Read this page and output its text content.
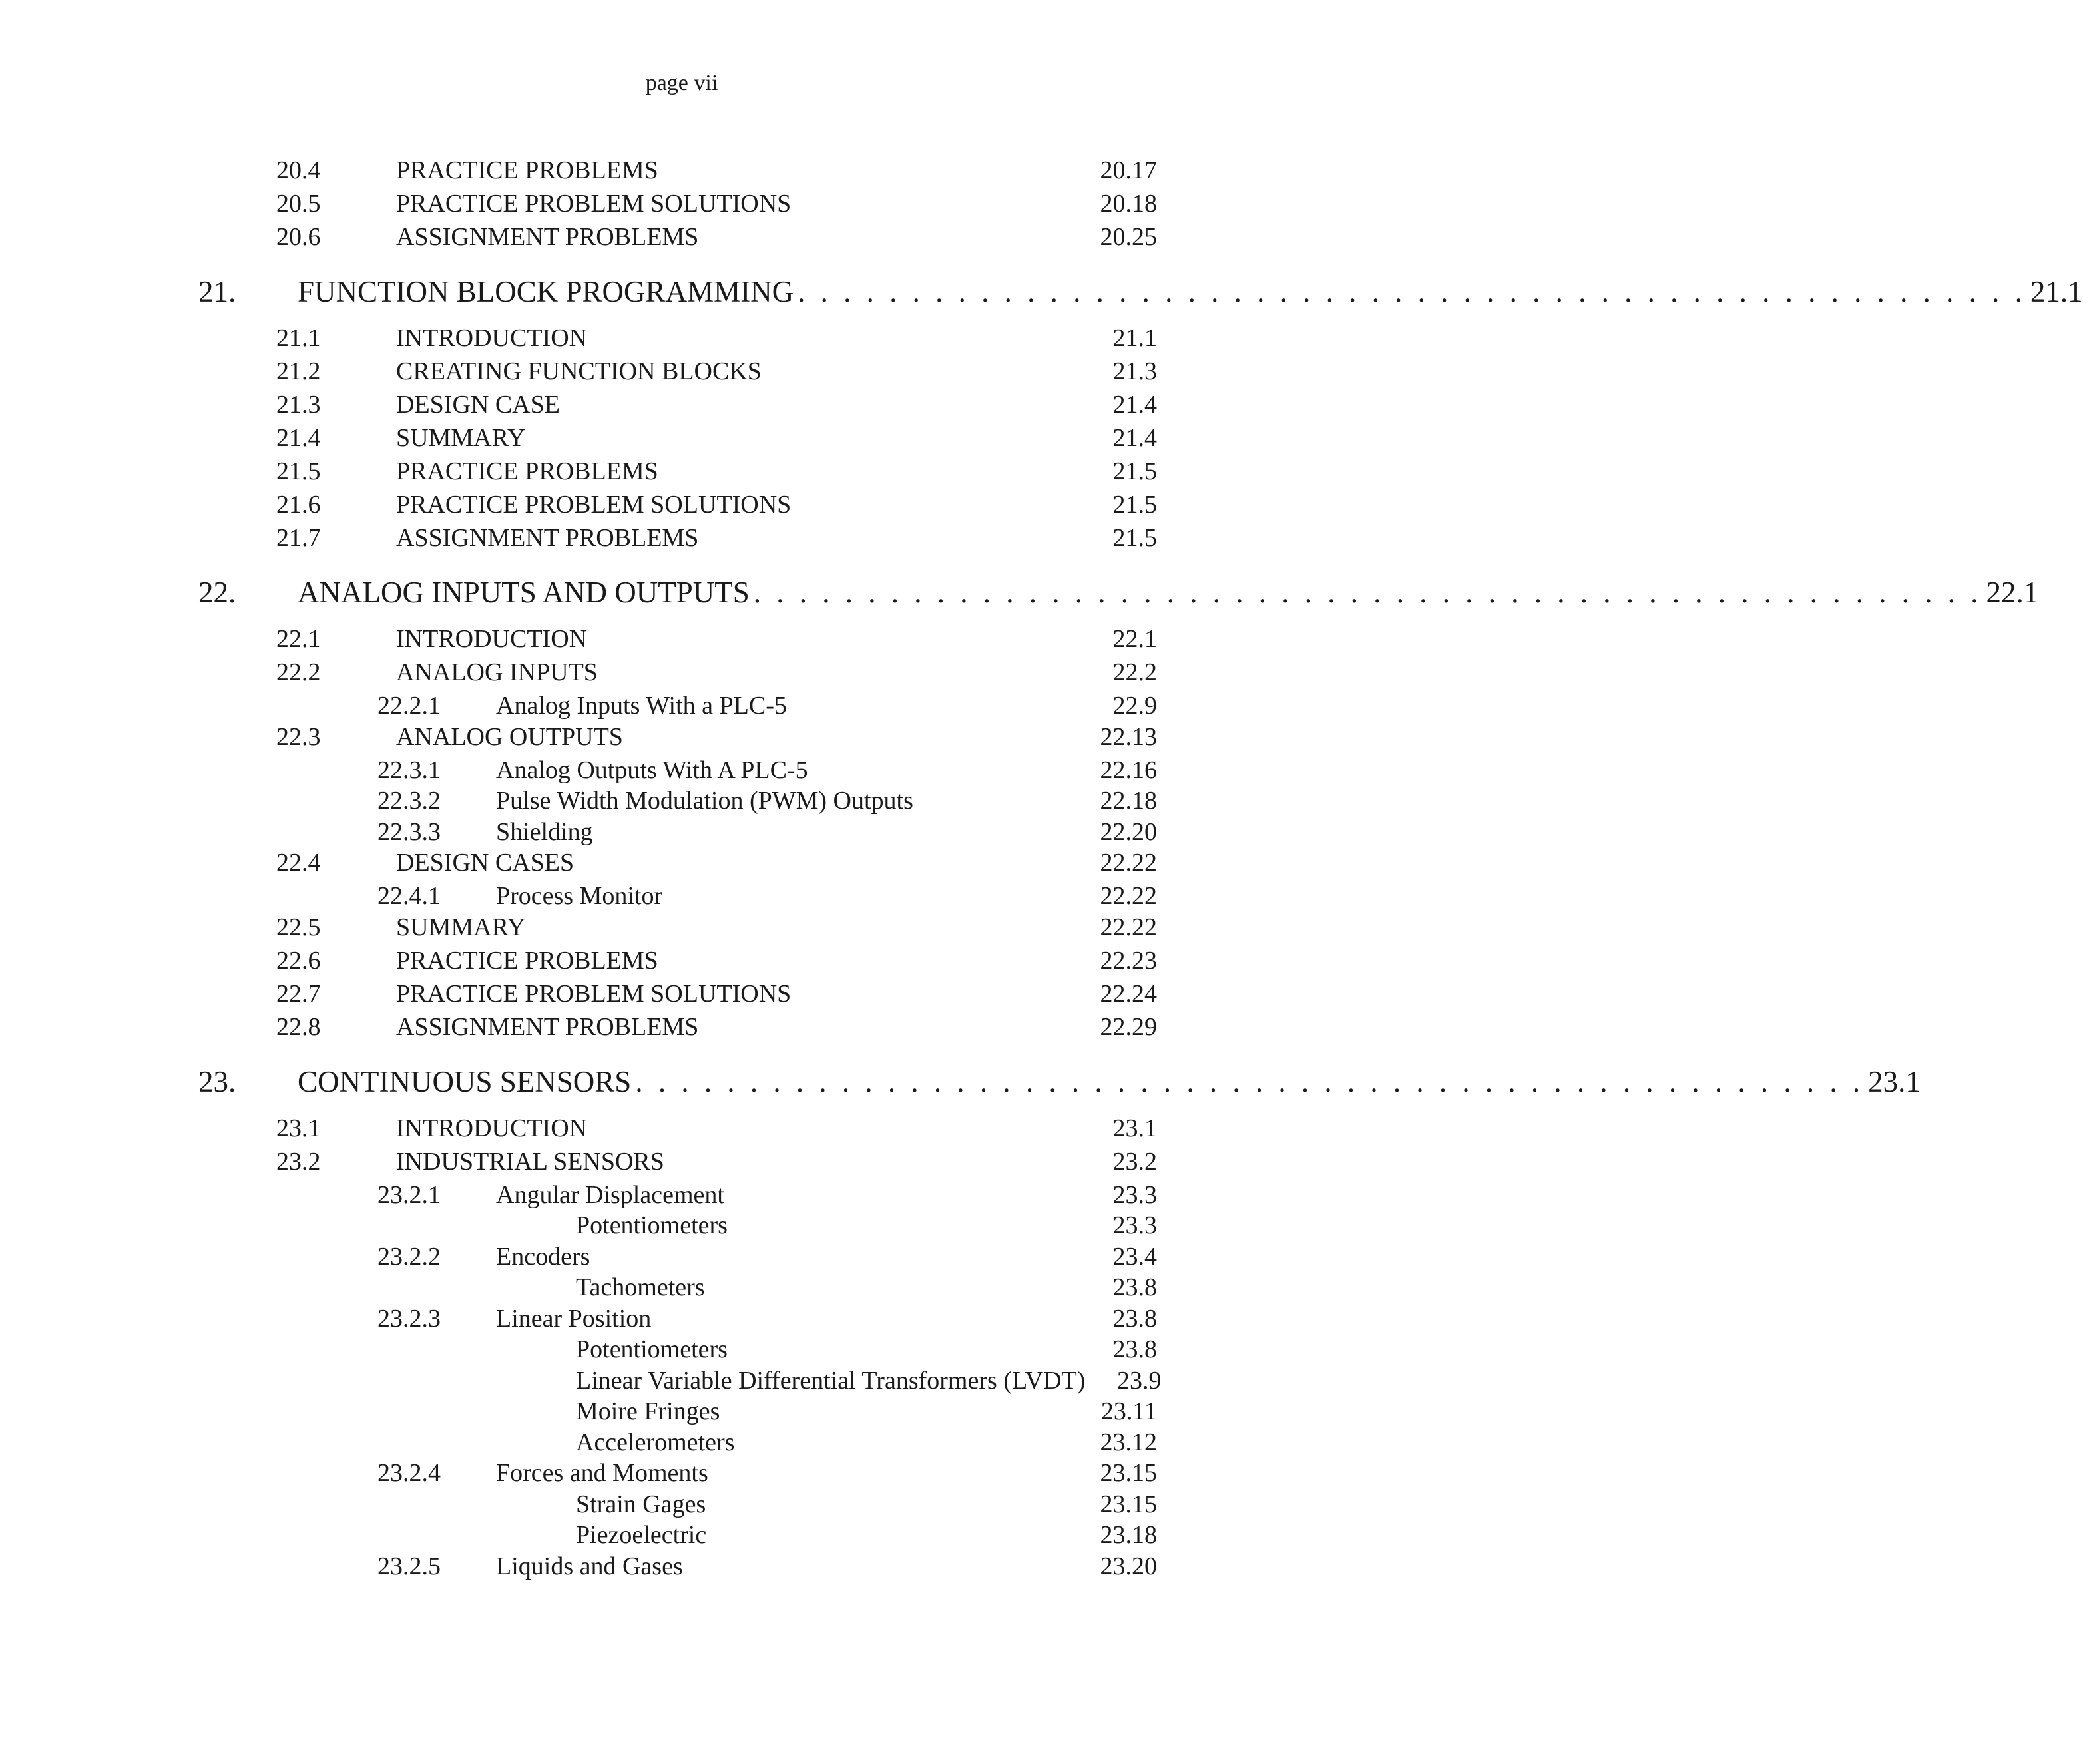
page vii
20.4	PRACTICE PROBLEMS	20.17
20.5	PRACTICE PROBLEM SOLUTIONS	20.18
20.6	ASSIGNMENT PROBLEMS	20.25
21. FUNCTION BLOCK PROGRAMMING . . . . . . . . . . . . . . . . . . . . . . . . . . . . . . . . . . . . . . . . . . . . . . . . . . . . . . 21.1
21.1	INTRODUCTION	21.1
21.2	CREATING FUNCTION BLOCKS	21.3
21.3	DESIGN CASE	21.4
21.4	SUMMARY	21.4
21.5	PRACTICE PROBLEMS	21.5
21.6	PRACTICE PROBLEM SOLUTIONS	21.5
21.7	ASSIGNMENT PROBLEMS	21.5
22. ANALOG INPUTS AND OUTPUTS . . . . . . . . . . . . . . . . . . . . . . . . . . . . . . . . . . . . . . . . . . . . . . . . . . . . . . 22.1
22.1	INTRODUCTION	22.1
22.2	ANALOG INPUTS	22.2
22.2.1 Analog Inputs With a PLC-5	22.9
22.3	ANALOG OUTPUTS	22.13
22.3.1 Analog Outputs With A PLC-5	22.16
22.3.2 Pulse Width Modulation (PWM) Outputs	22.18
22.3.3 Shielding	22.20
22.4	DESIGN CASES	22.22
22.4.1 Process Monitor	22.22
22.5	SUMMARY	22.22
22.6	PRACTICE PROBLEMS	22.23
22.7	PRACTICE PROBLEM SOLUTIONS	22.24
22.8	ASSIGNMENT PROBLEMS	22.29
23. CONTINUOUS SENSORS . . . . . . . . . . . . . . . . . . . . . . . . . . . . . . . . . . . . . . . . . . . . . . . . . . . . . . 23.1
23.1	INTRODUCTION	23.1
23.2	INDUSTRIAL SENSORS	23.2
23.2.1 Angular Displacement	23.3
Potentiometers	23.3
23.2.2 Encoders	23.4
Tachometers	23.8
23.2.3 Linear Position	23.8
Potentiometers	23.8
Linear Variable Differential Transformers (LVDT) 23.9
Moire Fringes	23.11
Accelerometers	23.12
23.2.4 Forces and Moments	23.15
Strain Gages	23.15
Piezoelectric	23.18
23.2.5 Liquids and Gases	23.20
